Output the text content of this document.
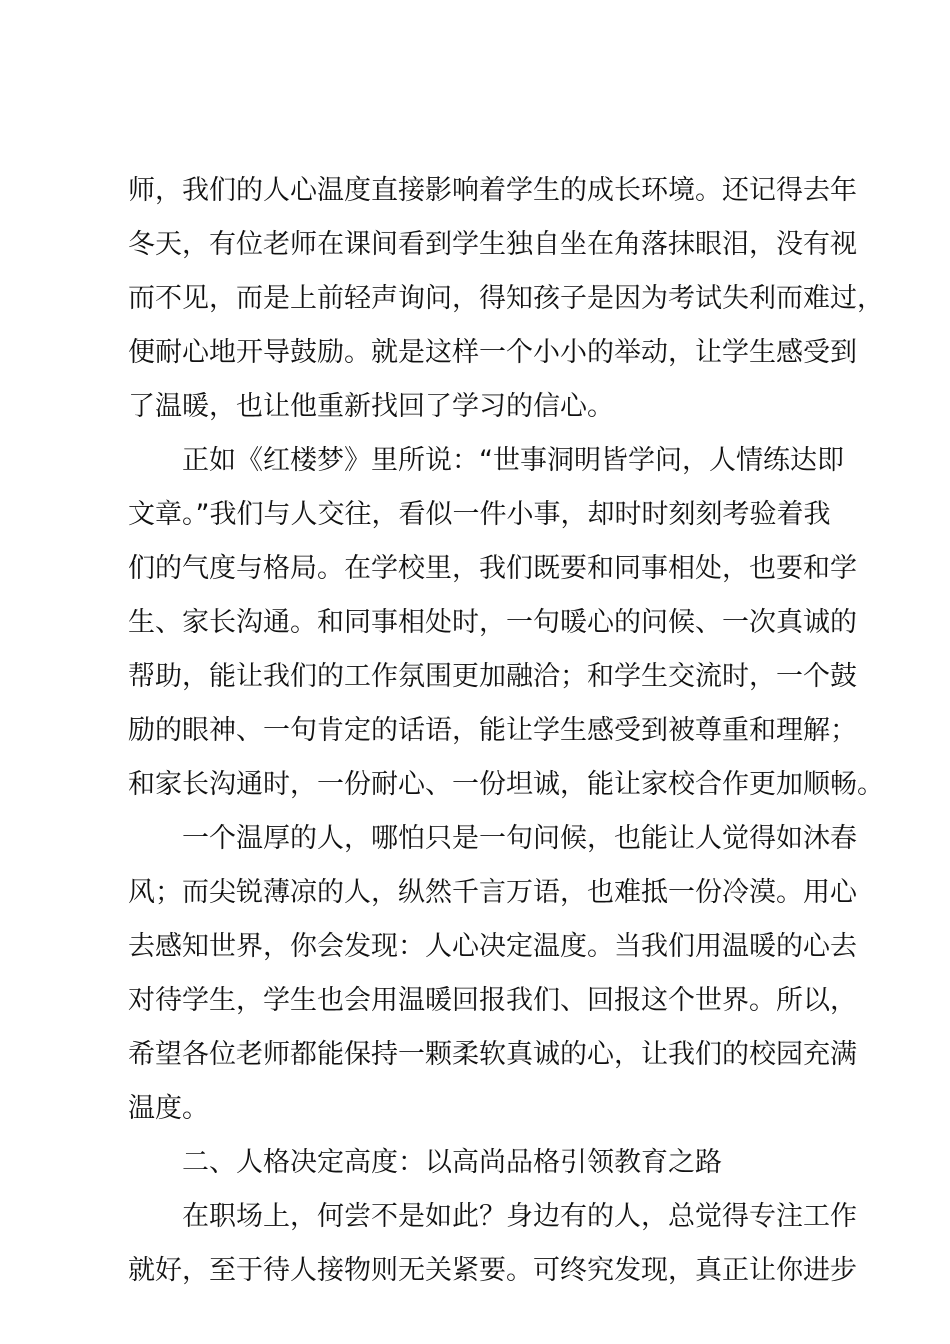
师，我们的人心温度直接影响着学生的成长环境。还记得去年
冬天，有位老师在课间看到学生独自坐在角落抹眼泪，没有视
而不见，而是上前轻声询问，得知孩子是因为考试失利而难过，
便耐心地开导鼓励。就是这样一个小小的举动，让学生感受到
了温暖，也让他重新找回了学习的信心。
正如《红楼梦》里所说：“世事洞明皆学问，人情练达即
文章。”我们与人交往，看似一件小事，却时时刻刻考验着我
们的气度与格局。在学校里，我们既要和同事相处，也要和学
生、家长沟通。和同事相处时，一句暖心的问候、一次真诚的
帮助，能让我们的工作氛围更加融洽；和学生交流时，一个鼓
励的眼神、一句肯定的话语，能让学生感受到被尊重和理解；
和家长沟通时，一份耐心、一份坦诚，能让家校合作更加顺畅。
一个温厚的人，哪怕只是一句问候，也能让人觉得如沐春
风；而尖锐薄凉的人，纵然千言万语，也难抵一份冷漠。用心
去感知世界，你会发现：人心决定温度。当我们用温暖的心去
对待学生，学生也会用温暖回报我们、回报这个世界。所以，
希望各位老师都能保持一颗柔软真诚的心，让我们的校园充满
温度。
二、人格决定高度：以高尚品格引领教育之路
在职场上，何尝不是如此？身边有的人，总觉得专注工作
就好，至于待人接物则无关紧要。可终究发现，真正让你进步
